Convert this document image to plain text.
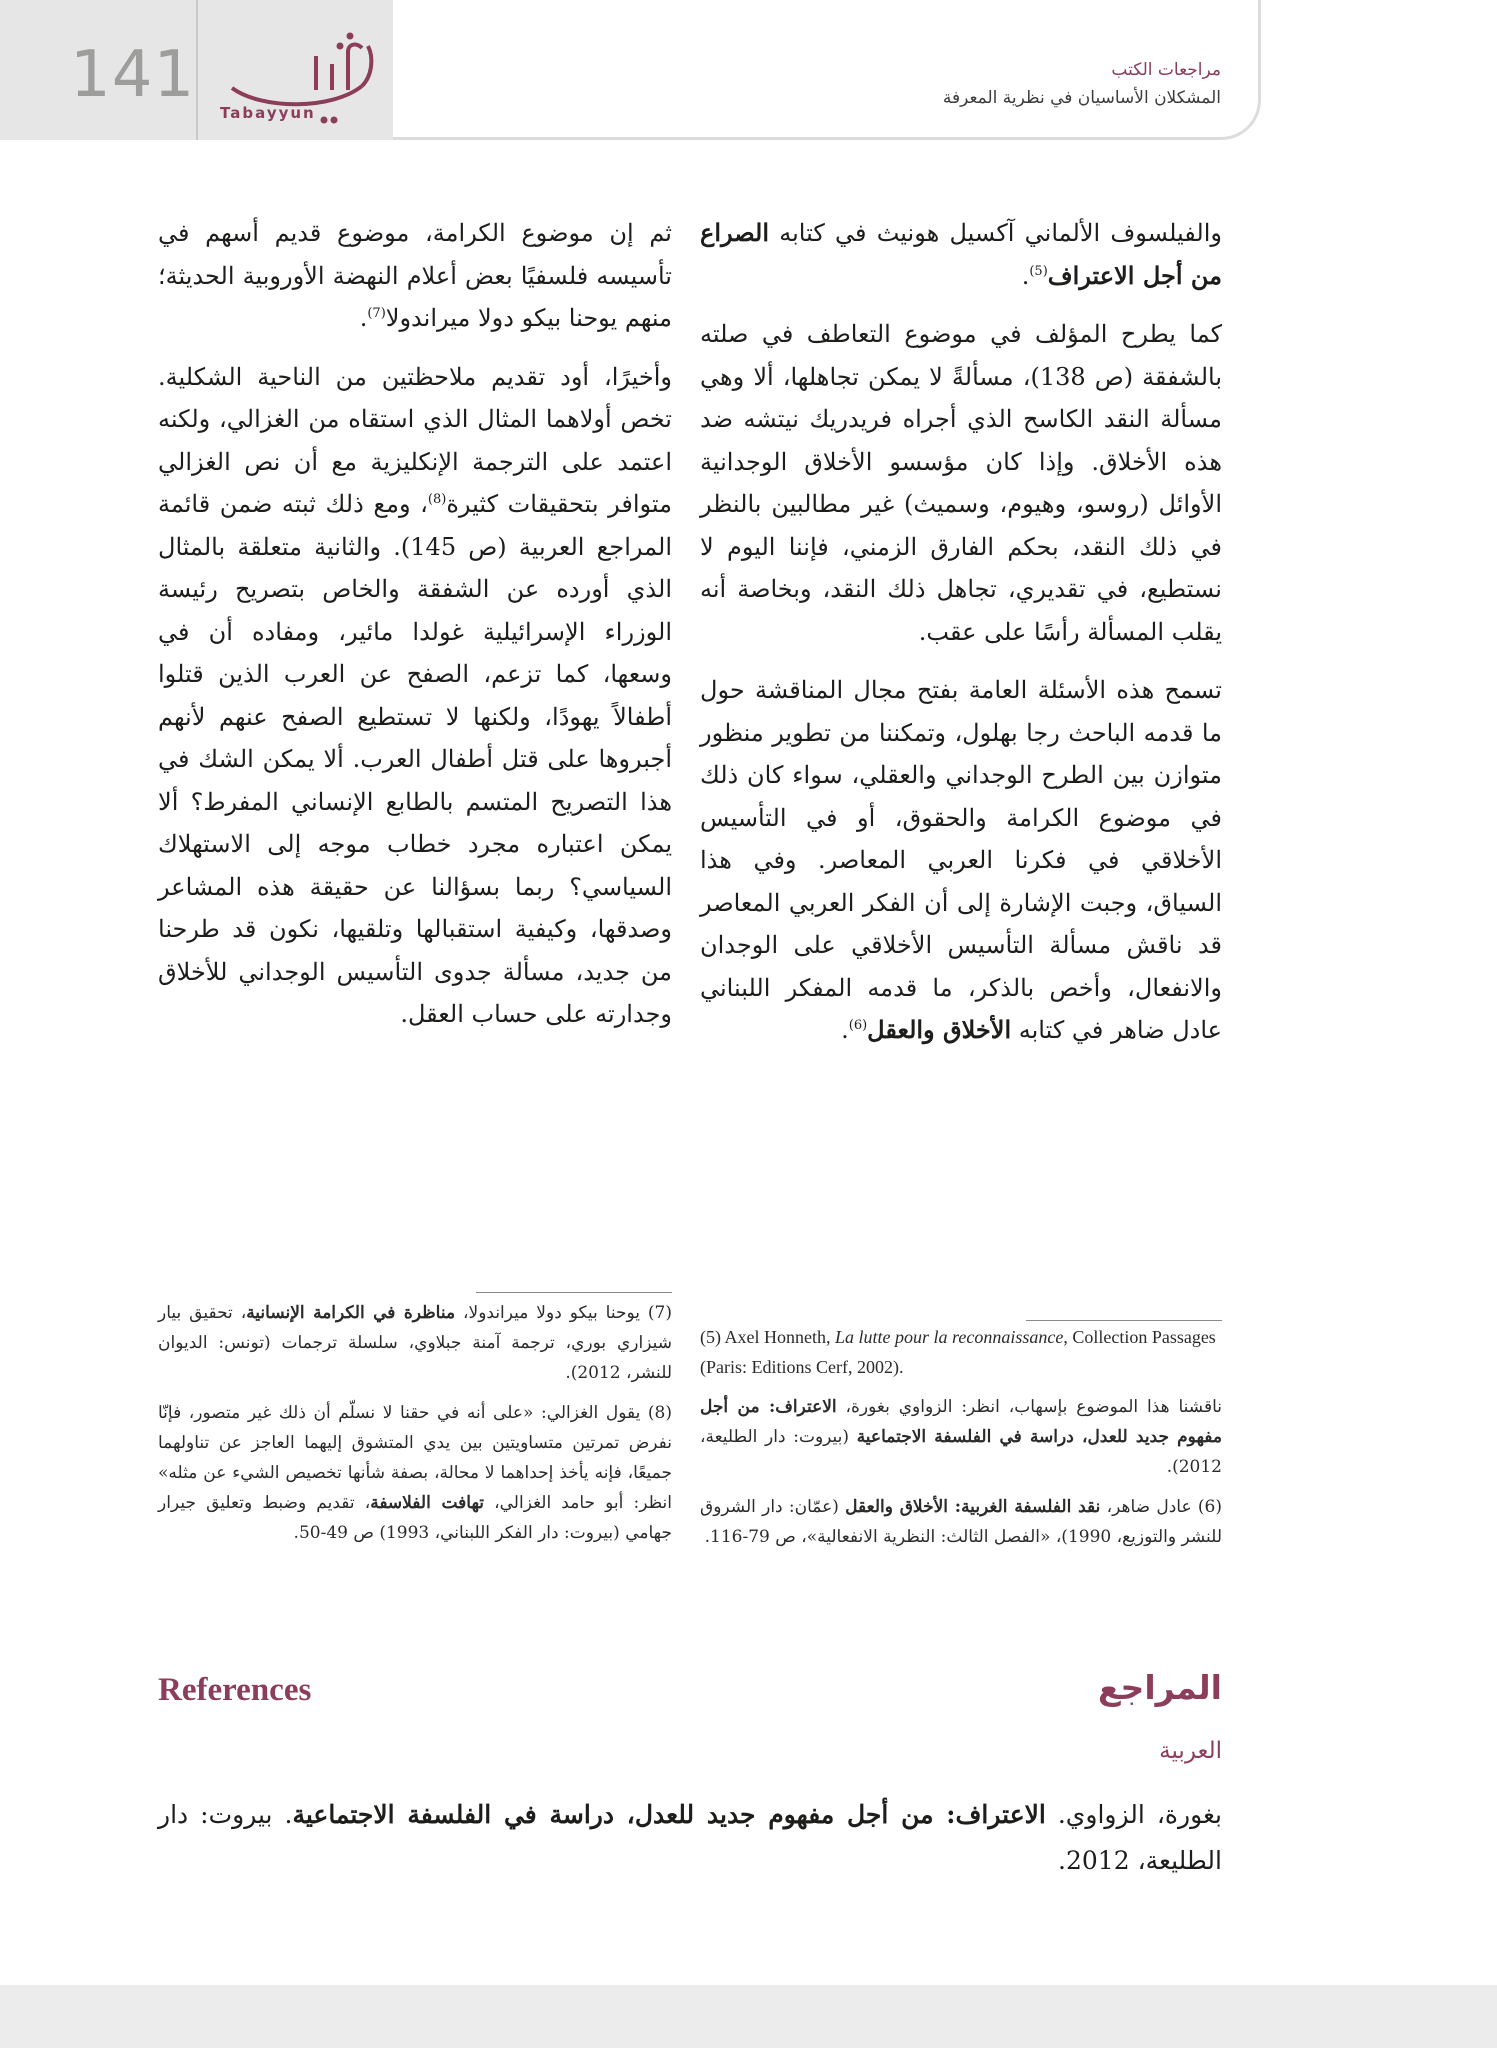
141
Tabayyun
مراجعات الكتب
المشكلان الأساسيان في نظرية المعرفة

والفيلسوف الألماني آكسيل هونيث في كتابه الصراع من أجل الاعتراف$^{(5)}$.

كما يطرح المؤلف في موضوع التعاطف في صلته بالشفقة (ص 138)، مسألةً لا يمكن تجاهلها، ألا وهي مسألة النقد الكاسح الذي أجراه فريدريك نيتشه ضد هذه الأخلاق. وإذا كان مؤسسو الأخلاق الوجدانية الأوائل (روسو، وهيوم، وسميث) غير مطالبين بالنظر في ذلك النقد، بحكم الفارق الزمني، فإننا اليوم لا نستطيع، في تقديري، تجاهل ذلك النقد، وبخاصة أنه يقلب المسألة رأسًا على عقب.

تسمح هذه الأسئلة العامة بفتح مجال المناقشة حول ما قدمه الباحث رجا بهلول، وتمكننا من تطوير منظور متوازن بين الطرح الوجداني والعقلي، سواء كان ذلك في موضوع الكرامة والحقوق، أو في التأسيس الأخلاقي في فكرنا العربي المعاصر. وفي هذا السياق، وجبت الإشارة إلى أن الفكر العربي المعاصر قد ناقش مسألة التأسيس الأخلاقي على الوجدان والانفعال، وأخص بالذكر، ما قدمه المفكر اللبناني عادل ضاهر في كتابه الأخلاق والعقل$^{(6)}$.

ثم إن موضوع الكرامة، موضوع قديم أسهم في تأسيسه فلسفيًا بعض أعلام النهضة الأوروبية الحديثة؛ منهم يوحنا بيكو دولا ميراندولا$^{(7)}$.

وأخيرًا، أود تقديم ملاحظتين من الناحية الشكلية. تخص أولاهما المثال الذي استقاه من الغزالي، ولكنه اعتمد على الترجمة الإنكليزية مع أن نص الغزالي متوافر بتحقيقات كثيرة$^{(8)}$، ومع ذلك ثبته ضمن قائمة المراجع العربية (ص 145). والثانية متعلقة بالمثال الذي أورده عن الشفقة والخاص بتصريح رئيسة الوزراء الإسرائيلية غولدا مائير، ومفاده أن في وسعها، كما تزعم، الصفح عن العرب الذين قتلوا أطفالاً يهودًا، ولكنها لا تستطيع الصفح عنهم لأنهم أجبروها على قتل أطفال العرب. ألا يمكن الشك في هذا التصريح المتسم بالطابع الإنساني المفرط؟ ألا يمكن اعتباره مجرد خطاب موجه إلى الاستهلاك السياسي؟ ربما بسؤالنا عن حقيقة هذه المشاعر وصدقها، وكيفية استقبالها وتلقيها، نكون قد طرحنا من جديد، مسألة جدوى التأسيس الوجداني للأخلاق وجدارته على حساب العقل.

(5) Axel Honneth, La lutte pour la reconnaissance, Collection Passages (Paris: Editions Cerf, 2002).

ناقشنا هذا الموضوع بإسهاب، انظر: الزواوي بغورة، الاعتراف: من أجل مفهوم جديد للعدل، دراسة في الفلسفة الاجتماعية (بيروت: دار الطليعة، 2012).

(6) عادل ضاهر، نقد الفلسفة الغربية: الأخلاق والعقل (عمّان: دار الشروق للنشر والتوزيع، 1990)، «الفصل الثالث: النظرية الانفعالية»، ص 79-116.

(7) يوحنا بيكو دولا ميراندولا، مناظرة في الكرامة الإنسانية، تحقيق بيار شيزاري بوري، ترجمة آمنة جبلاوي، سلسلة ترجمات (تونس: الديوان للنشر، 2012).

(8) يقول الغزالي: «على أنه في حقنا لا نسلّم أن ذلك غير متصور، فإنّا نفرض تمرتين متساويتين بين يدي المتشوق إليهما العاجز عن تناولهما جميعًا، فإنه يأخذ إحداهما لا محالة، بصفة شأنها تخصيص الشيء عن مثله» انظر: أبو حامد الغزالي، تهافت الفلاسفة، تقديم وضبط وتعليق جيرار جهامي (بيروت: دار الفكر اللبناني، 1993) ص 49-50.

References	المراجع
العربية
بغورة، الزواوي. الاعتراف: من أجل مفهوم جديد للعدل، دراسة في الفلسفة الاجتماعية. بيروت: دار الطليعة، 2012.
